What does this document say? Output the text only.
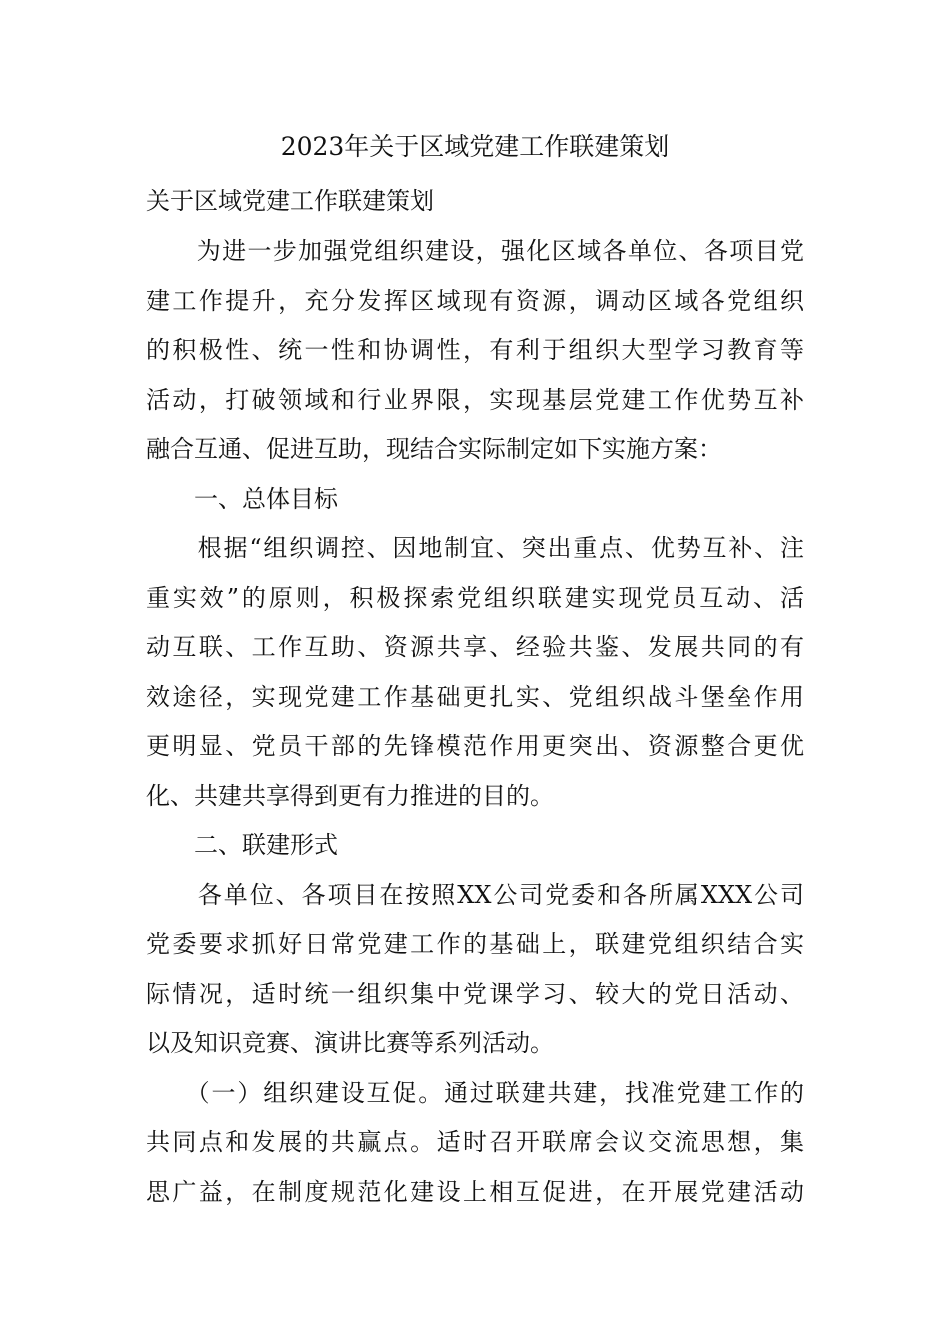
2023年关于区域党建工作联建策划
关于区域党建工作联建策划
　　为进一步加强党组织建设，强化区域各单位、各项目党
建工作提升，充分发挥区域现有资源，调动区域各党组织
的积极性、统一性和协调性，有利于组织大型学习教育等
活动，打破领域和行业界限，实现基层党建工作优势互补
融合互通、促进互助，现结合实际制定如下实施方案：
　　一、总体目标
　　根据“组织调控、因地制宜、突出重点、优势互补、注
重实效”的原则，积极探索党组织联建实现党员互动、活
动互联、工作互助、资源共享、经验共鉴、发展共同的有
效途径，实现党建工作基础更扎实、党组织战斗堡垒作用
更明显、党员干部的先锋模范作用更突出、资源整合更优
化、共建共享得到更有力推进的目的。
　　二、联建形式
　　各单位、各项目在按照XX公司党委和各所属XXX公司
党委要求抓好日常党建工作的基础上，联建党组织结合实
际情况，适时统一组织集中党课学习、较大的党日活动、
以及知识竞赛、演讲比赛等系列活动。
　　（一）组织建设互促。通过联建共建，找准党建工作的
共同点和发展的共赢点。适时召开联席会议交流思想，集
思广益，在制度规范化建设上相互促进，在开展党建活动
